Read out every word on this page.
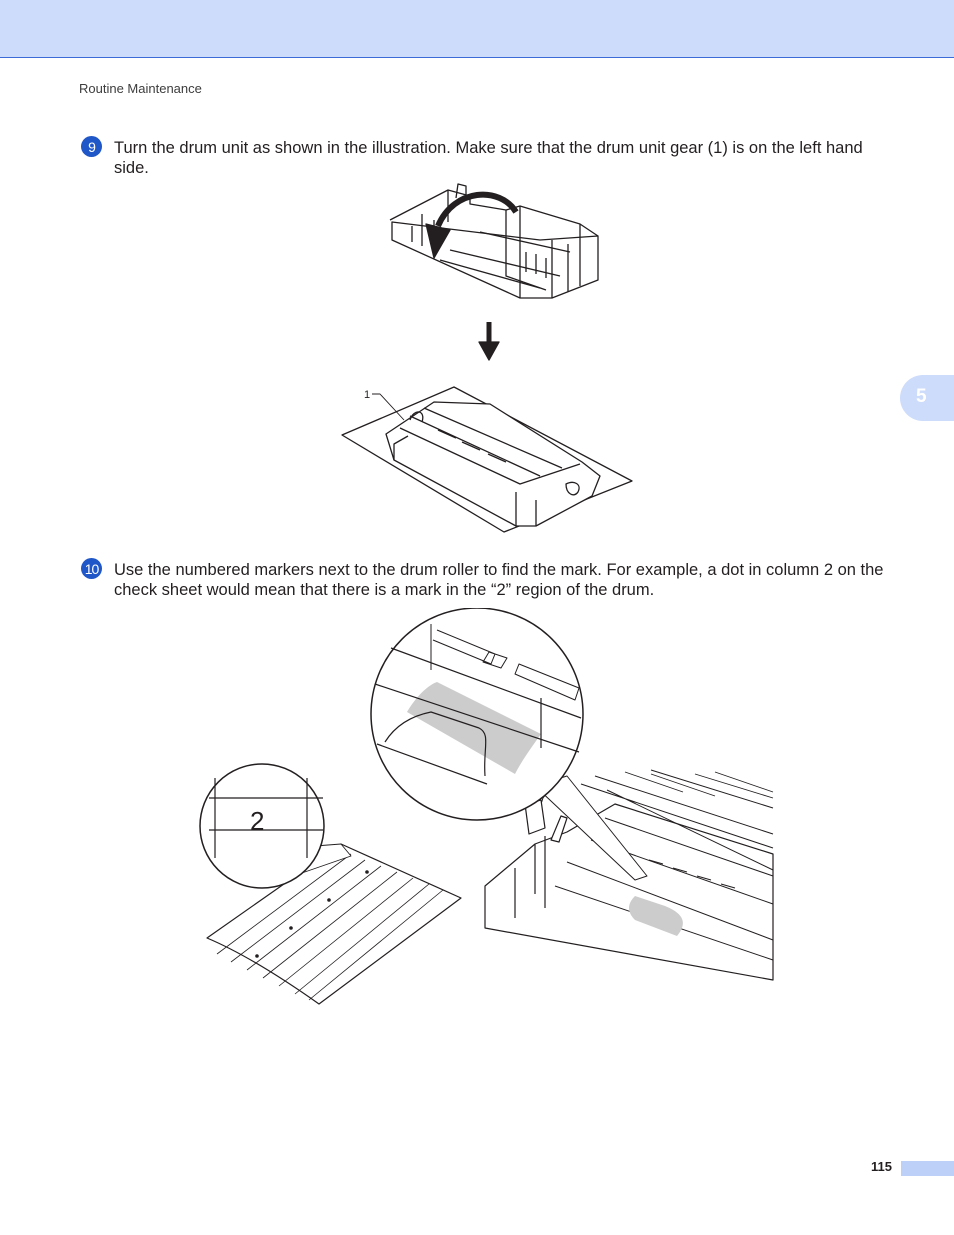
Routine Maintenance
5
9	Turn the drum unit as shown in the illustration. Make sure that the drum unit gear (1) is on the left hand side.
1
10 Use the numbered markers next to the drum roller to find the mark. For example, a dot in column 2 on the check sheet would mean that there is a mark in the “2” region of the drum.
2
115
